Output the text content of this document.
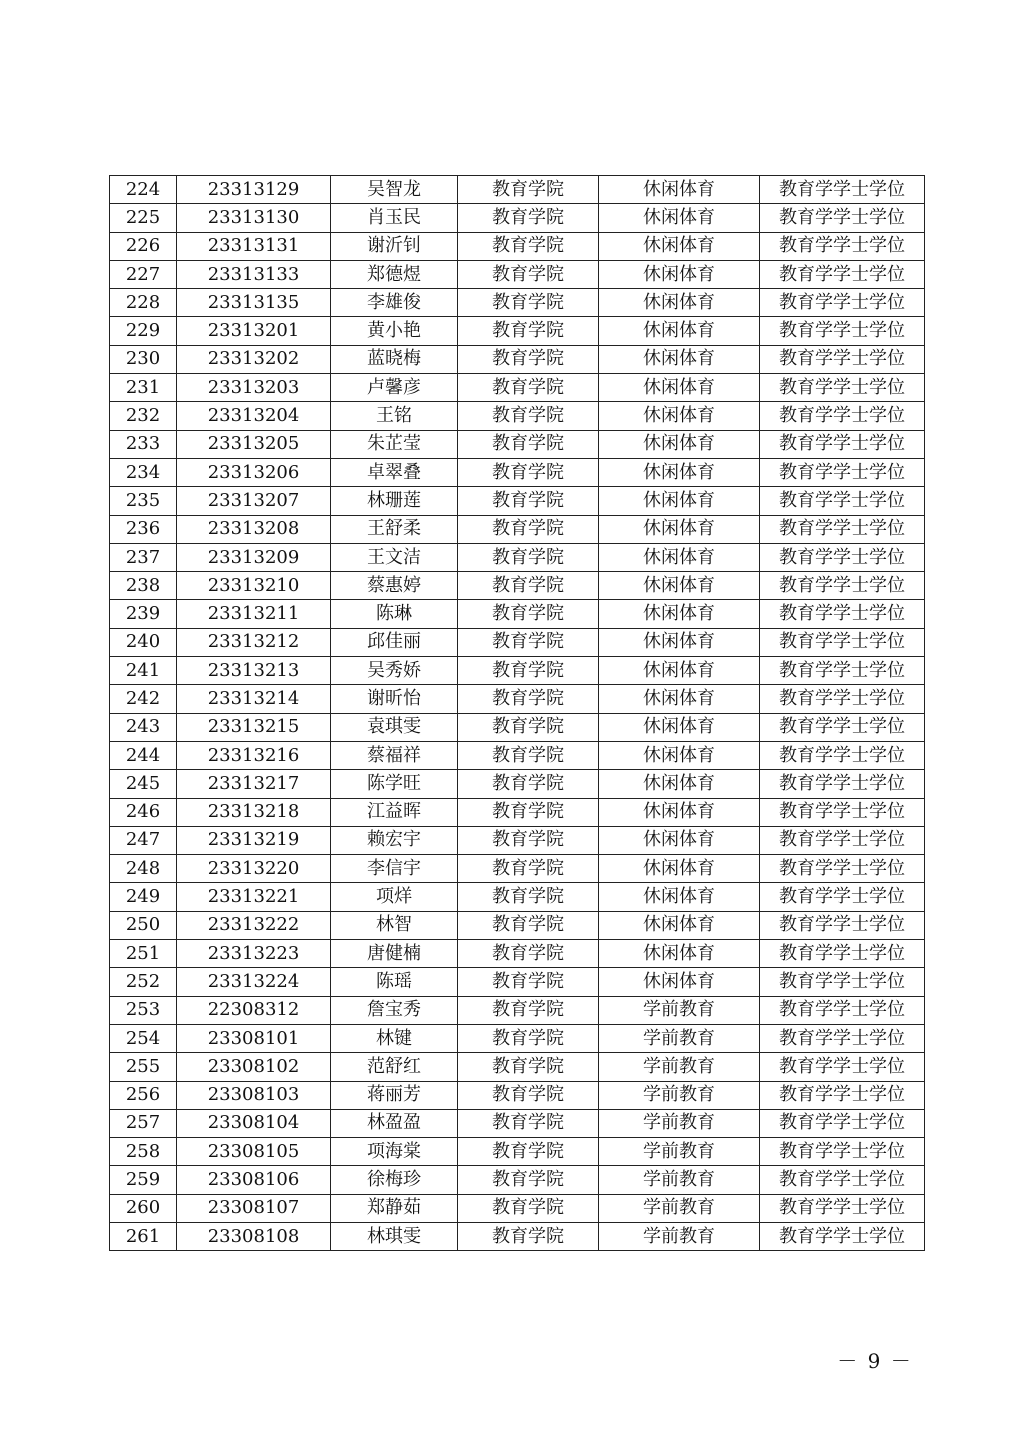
224	23313129	吴智龙	教育学院	休闲体育	教育学学士学位
225	23313130	肖玉民	教育学院	休闲体育	教育学学士学位
226	23313131	谢沂钊	教育学院	休闲体育	教育学学士学位
227	23313133	郑德煜	教育学院	休闲体育	教育学学士学位
228	23313135	李雄俊	教育学院	休闲体育	教育学学士学位
229	23313201	黄小艳	教育学院	休闲体育	教育学学士学位
230	23313202	蓝晓梅	教育学院	休闲体育	教育学学士学位
231	23313203	卢馨彦	教育学院	休闲体育	教育学学士学位
232	23313204	王铭	教育学院	休闲体育	教育学学士学位
233	23313205	朱芷莹	教育学院	休闲体育	教育学学士学位
234	23313206	卓翠叠	教育学院	休闲体育	教育学学士学位
235	23313207	林珊莲	教育学院	休闲体育	教育学学士学位
236	23313208	王舒柔	教育学院	休闲体育	教育学学士学位
237	23313209	王文洁	教育学院	休闲体育	教育学学士学位
238	23313210	蔡惠婷	教育学院	休闲体育	教育学学士学位
239	23313211	陈琳	教育学院	休闲体育	教育学学士学位
240	23313212	邱佳丽	教育学院	休闲体育	教育学学士学位
241	23313213	吴秀娇	教育学院	休闲体育	教育学学士学位
242	23313214	谢昕怡	教育学院	休闲体育	教育学学士学位
243	23313215	袁琪雯	教育学院	休闲体育	教育学学士学位
244	23313216	蔡福祥	教育学院	休闲体育	教育学学士学位
245	23313217	陈学旺	教育学院	休闲体育	教育学学士学位
246	23313218	江益晖	教育学院	休闲体育	教育学学士学位
247	23313219	赖宏宇	教育学院	休闲体育	教育学学士学位
248	23313220	李信宇	教育学院	休闲体育	教育学学士学位
249	23313221	项烊	教育学院	休闲体育	教育学学士学位
250	23313222	林智	教育学院	休闲体育	教育学学士学位
251	23313223	唐健楠	教育学院	休闲体育	教育学学士学位
252	23313224	陈瑶	教育学院	休闲体育	教育学学士学位
253	22308312	詹宝秀	教育学院	学前教育	教育学学士学位
254	23308101	林键	教育学院	学前教育	教育学学士学位
255	23308102	范舒红	教育学院	学前教育	教育学学士学位
256	23308103	蒋丽芳	教育学院	学前教育	教育学学士学位
257	23308104	林盈盈	教育学院	学前教育	教育学学士学位
258	23308105	项海棠	教育学院	学前教育	教育学学士学位
259	23308106	徐梅珍	教育学院	学前教育	教育学学士学位
260	23308107	郑静茹	教育学院	学前教育	教育学学士学位
261	23308108	林琪雯	教育学院	学前教育	教育学学士学位
－ 9 －
